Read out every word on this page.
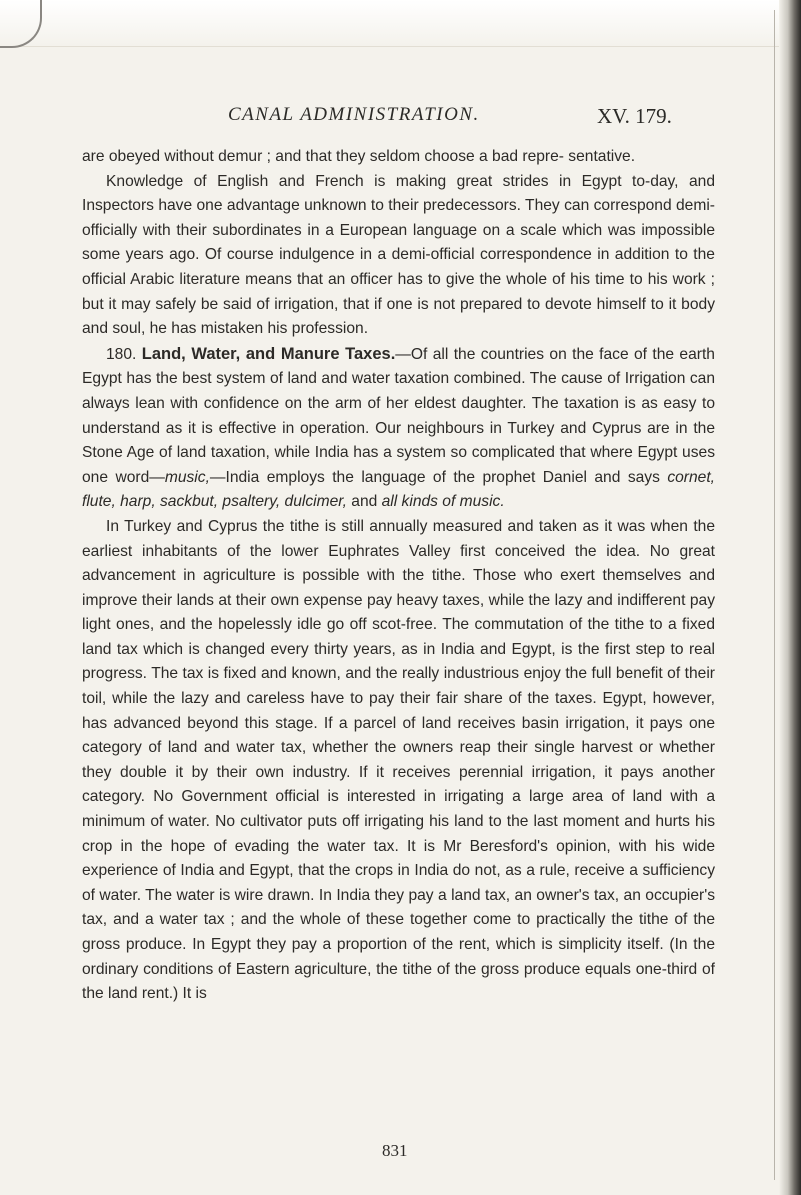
CANAL ADMINISTRATION.	XV. 179.

are obeyed without demur ; and that they seldom choose a bad repre- sentative.

Knowledge of English and French is making great strides in Egypt to-day, and Inspectors have one advantage unknown to their predecessors. They can correspond demi-officially with their subordinates in a European language on a scale which was impossible some years ago. Of course indulgence in a demi-official correspondence in addition to the official Arabic literature means that an officer has to give the whole of his time to his work ; but it may safely be said of irrigation, that if one is not prepared to devote himself to it body and soul, he has mistaken his profession.

180. Land, Water, and Manure Taxes.—Of all the countries on the face of the earth Egypt has the best system of land and water taxation combined. The cause of Irrigation can always lean with confidence on the arm of her eldest daughter. The taxation is as easy to understand as it is effective in operation. Our neighbours in Turkey and Cyprus are in the Stone Age of land taxation, while India has a system so complicated that where Egypt uses one word—music,—India employs the language of the prophet Daniel and says cornet, flute, harp, sackbut, psaltery, dulcimer, and all kinds of music.

In Turkey and Cyprus the tithe is still annually measured and taken as it was when the earliest inhabitants of the lower Euphrates Valley first conceived the idea. No great advancement in agriculture is possible with the tithe. Those who exert themselves and improve their lands at their own expense pay heavy taxes, while the lazy and indifferent pay light ones, and the hopelessly idle go off scot-free. The commutation of the tithe to a fixed land tax which is changed every thirty years, as in India and Egypt, is the first step to real progress. The tax is fixed and known, and the really industrious enjoy the full benefit of their toil, while the lazy and careless have to pay their fair share of the taxes. Egypt, however, has advanced beyond this stage. If a parcel of land receives basin irrigation, it pays one category of land and water tax, whether the owners reap their single harvest or whether they double it by their own industry. If it receives perennial irrigation, it pays another category. No Government official is interested in irrigating a large area of land with a minimum of water. No cultivator puts off irrigating his land to the last moment and hurts his crop in the hope of evading the water tax. It is Mr Beresford's opinion, with his wide experience of India and Egypt, that the crops in India do not, as a rule, receive a sufficiency of water. The water is wire drawn. In India they pay a land tax, an owner's tax, an occupier's tax, and a water tax ; and the whole of these together come to practically the tithe of the gross produce. In Egypt they pay a proportion of the rent, which is simplicity itself. (In the ordinary conditions of Eastern agriculture, the tithe of the gross produce equals one-third of the land rent.) It is

831
